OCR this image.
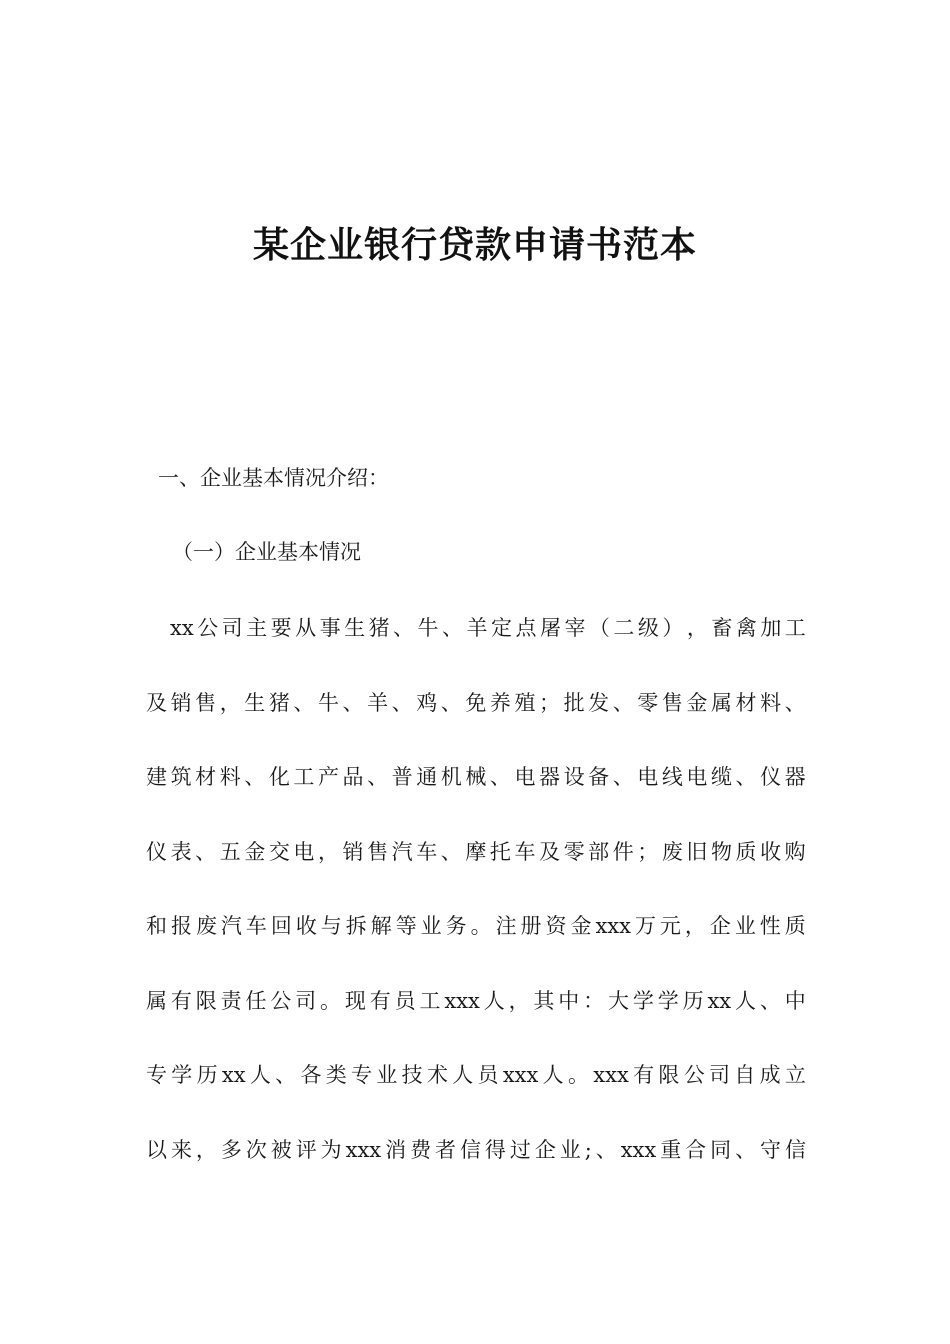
某企业银行贷款申请书范本
一、企业基本情况介绍：
（一）企业基本情况
xx 公 司 主 要 从 事 生 猪 、 牛 、 羊 定 点 屠 宰 （ 二 级 ） ， 畜 禽 加 工
及 销 售 ， 生 猪 、 牛 、 羊 、 鸡 、 免 养 殖 ； 批 发 、 零 售 金 属 材 料 、
建 筑 材 料 、 化 工 产 品 、 普 通 机 械 、 电 器 设 备 、 电 线 电 缆 、 仪 器
仪 表 、 五 金 交 电 ， 销 售 汽 车 、 摩 托 车 及 零 部 件 ； 废 旧 物 质 收 购
和 报 废 汽 车 回 收 与 拆 解 等 业 务 。 注 册 资 金 xxx 万 元 ， 企 业 性 质
属 有 限 责 任 公 司 。 现 有 员 工 xxx 人 ， 其 中 ： 大 学 学 历 xx 人 、 中
专 学 历 xx 人 、 各 类 专 业 技 术 人 员 xxx 人 。 xxx 有 限 公 司 自 成 立
以 来 ， 多 次 被 评 为 xxx 消 费 者 信 得 过 企 业 ; 、 xxx 重 合 同 、 守 信
